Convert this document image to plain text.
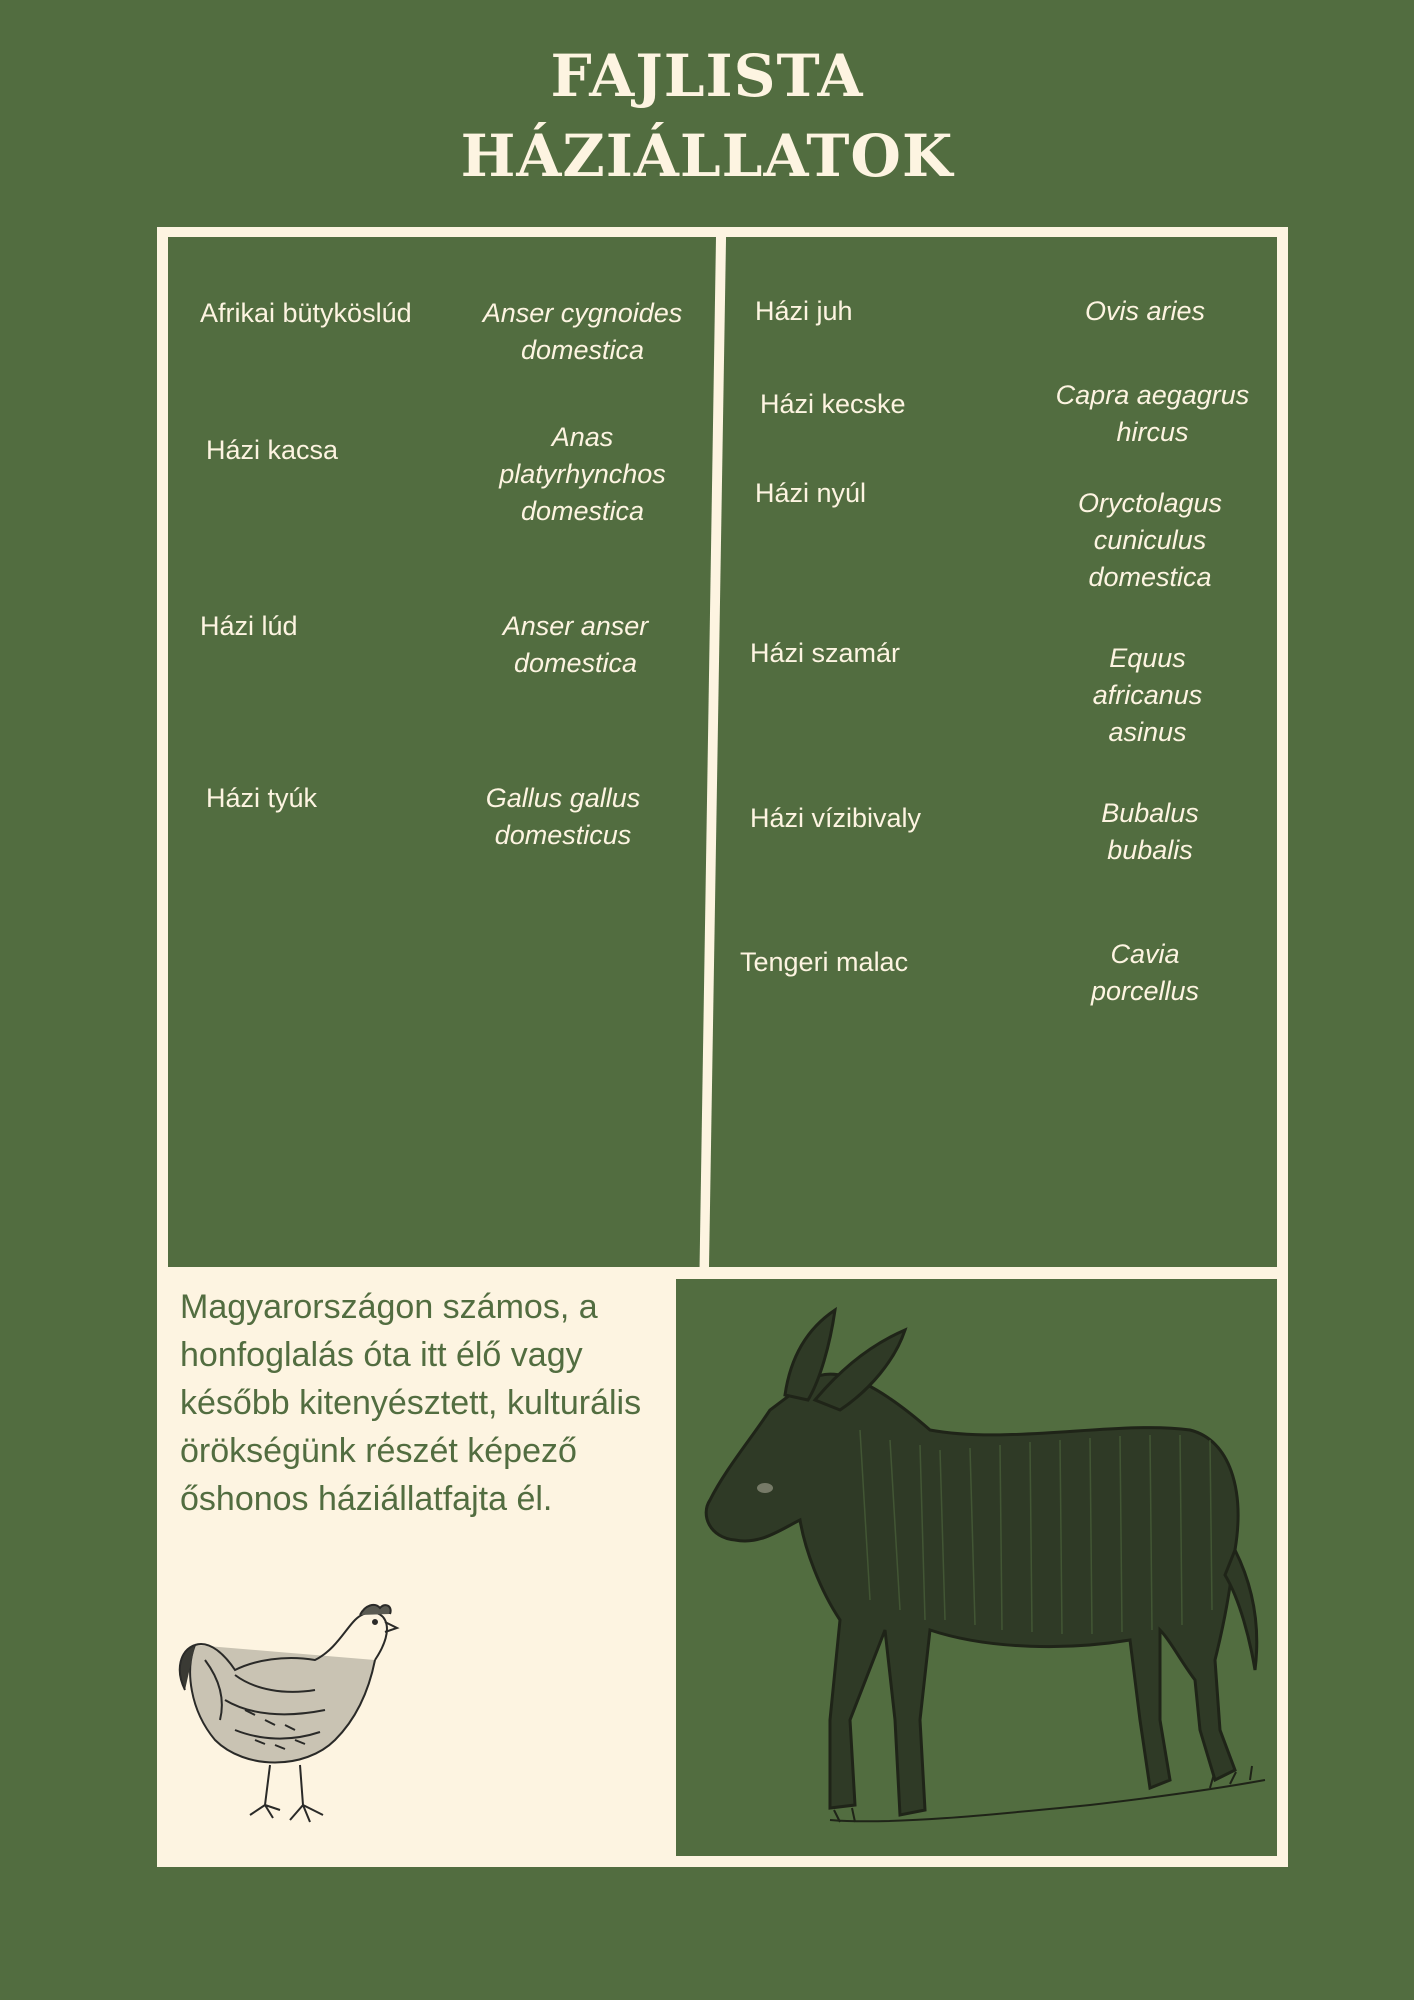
FAJLISTA
HÁZIÁLLATOK
Afrikai bütyköslúd	Anser cygnoides domestica
Házi kacsa	Anas platyrhynchos domestica
Házi lúd	Anser anser domestica
Házi tyúk	Gallus gallus domesticus
Házi juh	Ovis aries
Házi kecske	Capra aegagrus hircus
Házi nyúl	Oryctolagus cuniculus domestica
Házi szamár	Equus africanus asinus
Házi vízibivaly	Bubalus bubalis
Tengeri malac	Cavia porcellus
Magyarországon számos, a honfoglalás óta itt élő vagy később kitenyésztett, kulturális örökségünk részét képező őshonos háziállatfajta él.
